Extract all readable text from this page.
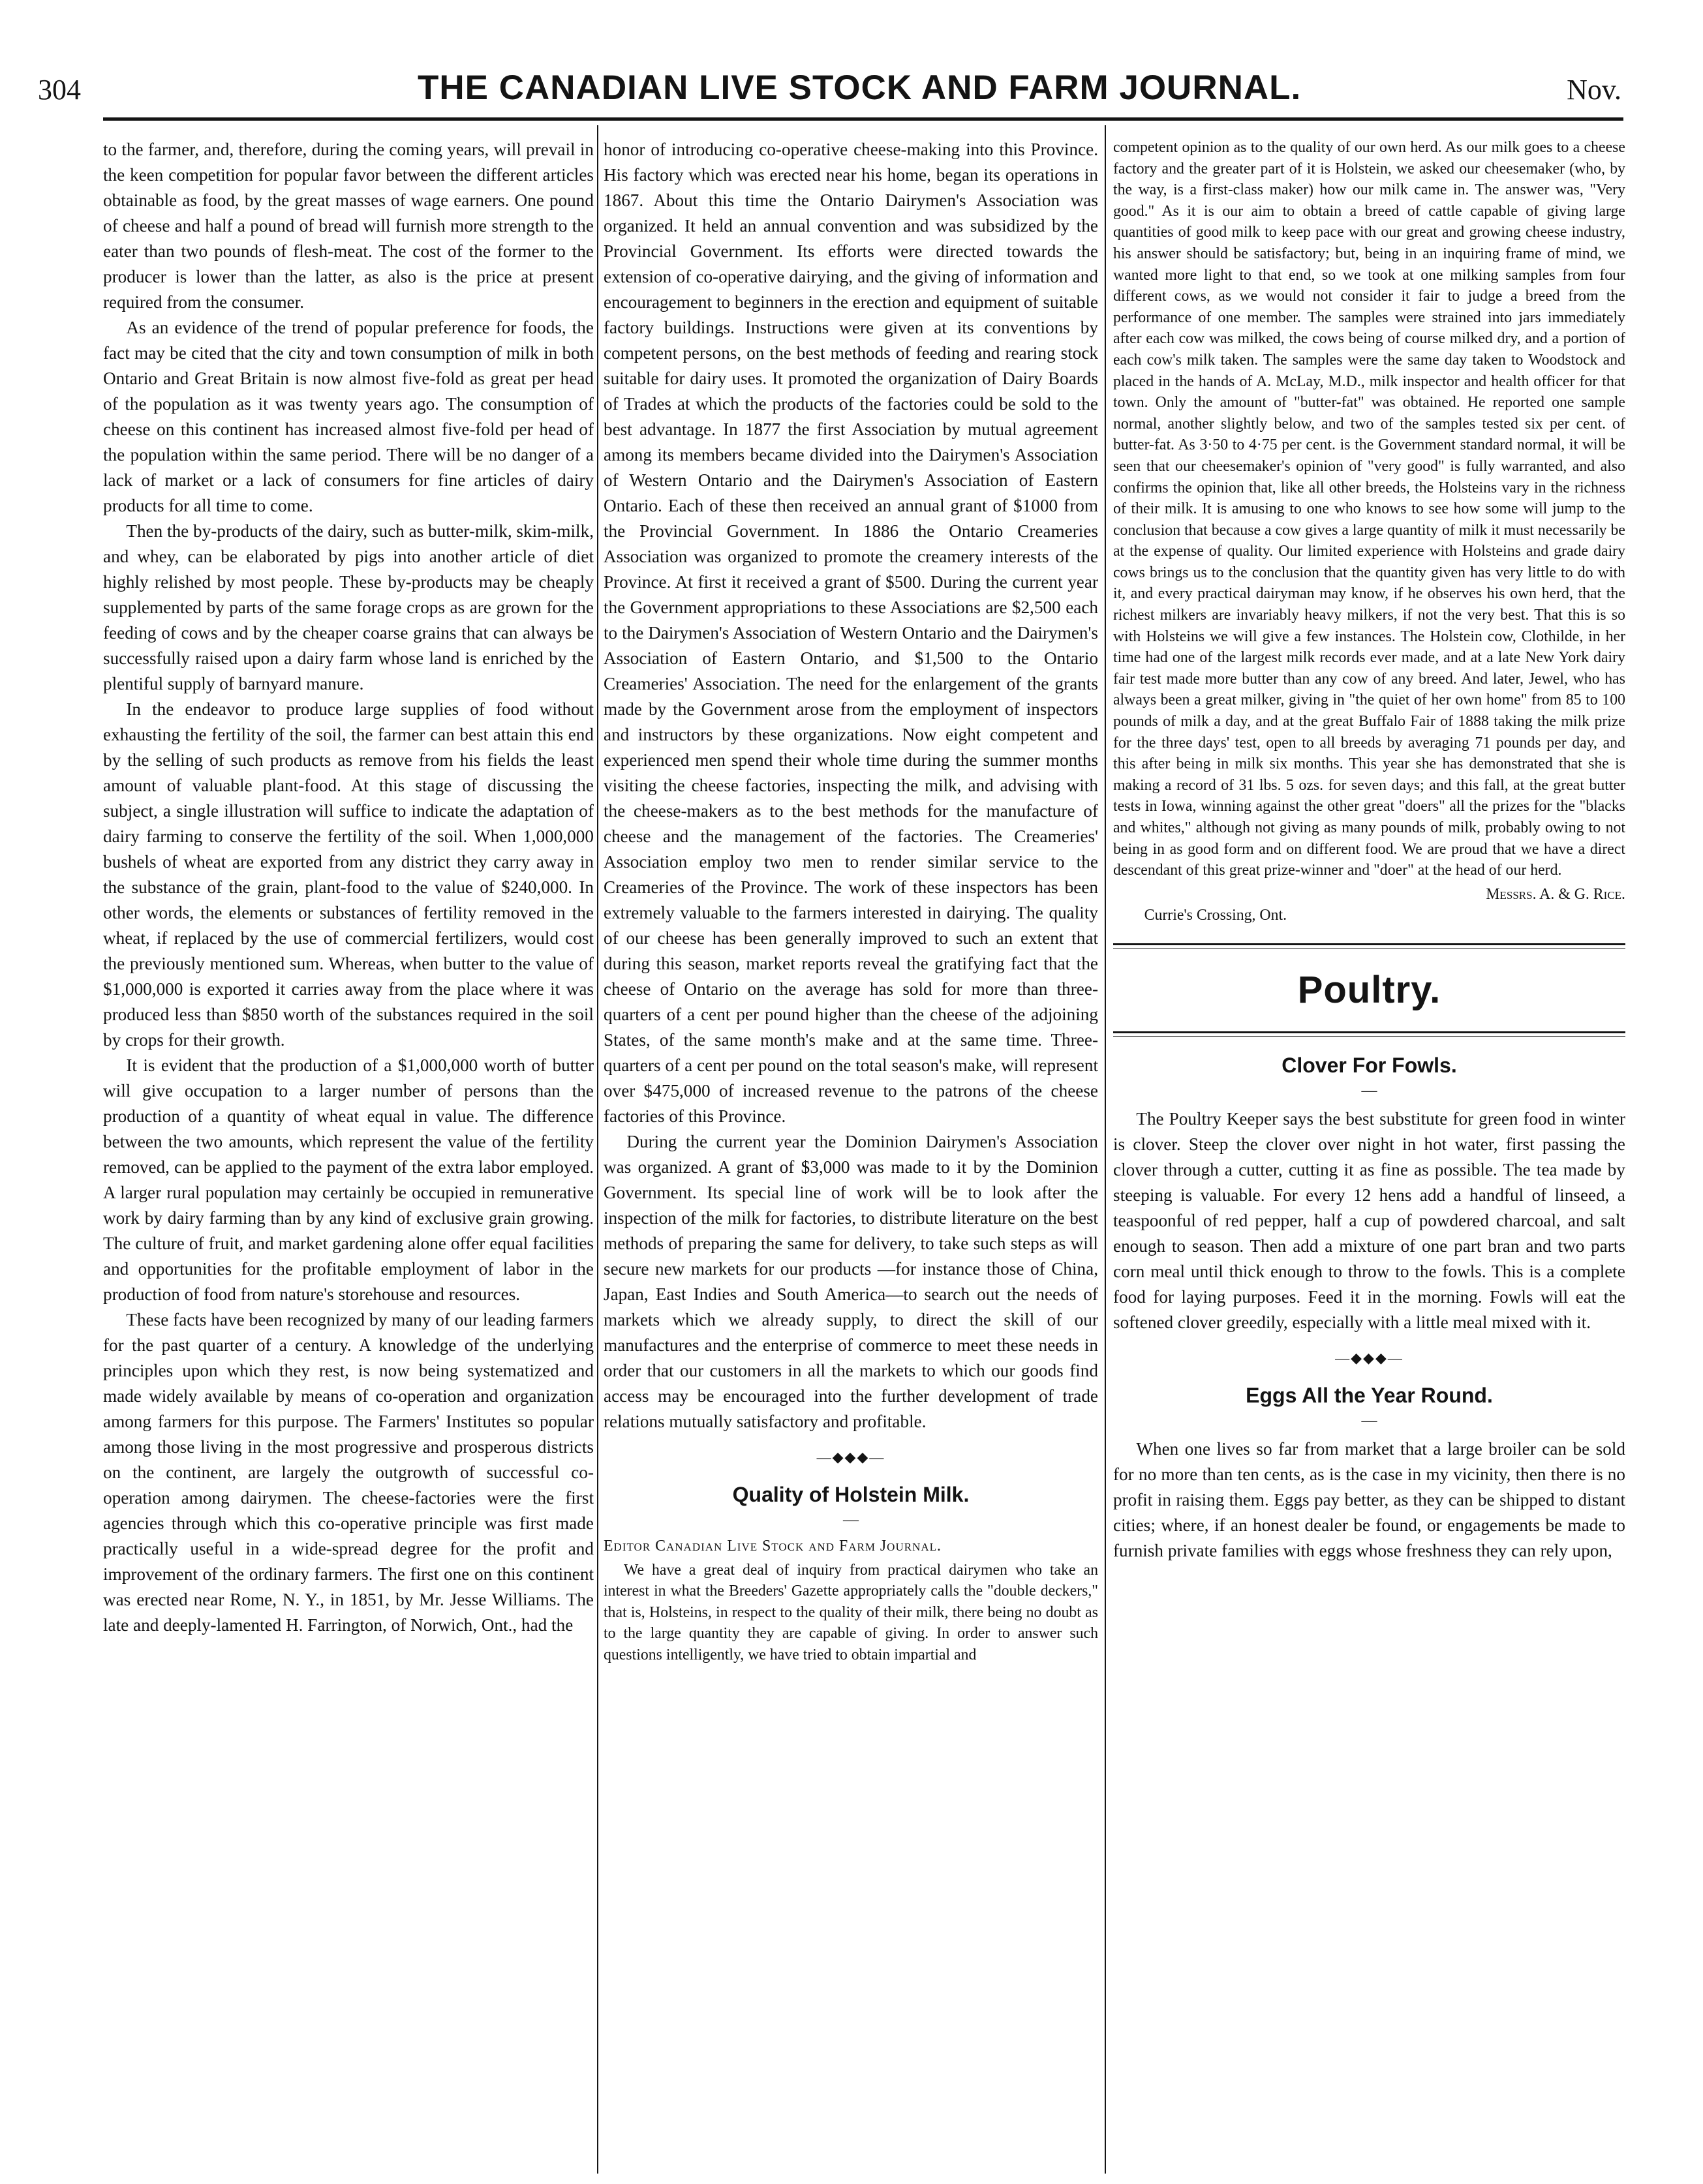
304	THE CANADIAN LIVE STOCK AND FARM JOURNAL.	Nov.

to the farmer, and, therefore, during the coming years, will prevail in the keen competition for popular favor between the different articles obtainable as food, by the great masses of wage earners. One pound of cheese and half a pound of bread will furnish more strength to the eater than two pounds of flesh-meat. The cost of the former to the producer is lower than the latter, as also is the price at present required from the consumer.

As an evidence of the trend of popular preference for foods, the fact may be cited that the city and town consumption of milk in both Ontario and Great Britain is now almost five-fold as great per head of the population as it was twenty years ago. The consumption of cheese on this continent has increased almost five-fold per head of the population within the same period. There will be no danger of a lack of market or a lack of consumers for fine articles of dairy products for all time to come.

Then the by-products of the dairy, such as butter-milk, skim-milk, and whey, can be elaborated by pigs into another article of diet highly relished by most people. These by-products may be cheaply supplemented by parts of the same forage crops as are grown for the feeding of cows and by the cheaper coarse grains that can always be successfully raised upon a dairy farm whose land is enriched by the plentiful supply of barnyard manure.

In the endeavor to produce large supplies of food without exhausting the fertility of the soil, the farmer can best attain this end by the selling of such products as remove from his fields the least amount of valuable plant-food. At this stage of discussing the subject, a single illustration will suffice to indicate the adaptation of dairy farming to conserve the fertility of the soil. When 1,000,000 bushels of wheat are exported from any district they carry away in the substance of the grain, plant-food to the value of $240,000. In other words, the elements or substances of fertility removed in the wheat, if replaced by the use of commercial fertilizers, would cost the previously mentioned sum. Whereas, when butter to the value of $1,000,000 is exported it carries away from the place where it was produced less than $850 worth of the substances required in the soil by crops for their growth.

It is evident that the production of a $1,000,000 worth of butter will give occupation to a larger number of persons than the production of a quantity of wheat equal in value. The difference between the two amounts, which represent the value of the fertility removed, can be applied to the payment of the extra labor employed. A larger rural population may certainly be occupied in remunerative work by dairy farming than by any kind of exclusive grain growing. The culture of fruit, and market gardening alone offer equal facilities and opportunities for the profitable employment of labor in the production of food from nature's storehouse and resources.

These facts have been recognized by many of our leading farmers for the past quarter of a century. A knowledge of the underlying principles upon which they rest, is now being systematized and made widely available by means of co-operation and organization among farmers for this purpose. The Farmers' Institutes so popular among those living in the most progressive and prosperous districts on the continent, are largely the outgrowth of successful co-operation among dairymen. The cheese-factories were the first agencies through which this co-operative principle was first made practically useful in a wide-spread degree for the profit and improvement of the ordinary farmers. The first one on this continent was erected near Rome, N. Y., in 1851, by Mr. Jesse Williams. The late and deeply-lamented H. Farrington, of Norwich, Ont., had the

honor of introducing co-operative cheese-making into this Province. His factory which was erected near his home, began its operations in 1867. About this time the Ontario Dairymen's Association was organized. It held an annual convention and was subsidized by the Provincial Government. Its efforts were directed towards the extension of co-operative dairying, and the giving of information and encouragement to beginners in the erection and equipment of suitable factory buildings. Instructions were given at its conventions by competent persons, on the best methods of feeding and rearing stock suitable for dairy uses. It promoted the organization of Dairy Boards of Trades at which the products of the factories could be sold to the best advantage. In 1877 the first Association by mutual agreement among its members became divided into the Dairymen's Association of Western Ontario and the Dairymen's Association of Eastern Ontario. Each of these then received an annual grant of $1000 from the Provincial Government. In 1886 the Ontario Creameries Association was organized to promote the creamery interests of the Province. At first it received a grant of $500. During the current year the Government appropriations to these Associations are $2,500 each to the Dairymen's Association of Western Ontario and the Dairymen's Association of Eastern Ontario, and $1,500 to the Ontario Creameries' Association. The need for the enlargement of the grants made by the Government arose from the employment of inspectors and instructors by these organizations. Now eight competent and experienced men spend their whole time during the summer months visiting the cheese factories, inspecting the milk, and advising with the cheese-makers as to the best methods for the manufacture of cheese and the management of the factories. The Creameries' Association employ two men to render similar service to the Creameries of the Province. The work of these inspectors has been extremely valuable to the farmers interested in dairying. The quality of our cheese has been generally improved to such an extent that during this season, market reports reveal the gratifying fact that the cheese of Ontario on the average has sold for more than three-quarters of a cent per pound higher than the cheese of the adjoining States, of the same month's make and at the same time. Three-quarters of a cent per pound on the total season's make, will represent over $475,000 of increased revenue to the patrons of the cheese factories of this Province.

During the current year the Dominion Dairymen's Association was organized. A grant of $3,000 was made to it by the Dominion Government. Its special line of work will be to look after the inspection of the milk for factories, to distribute literature on the best methods of preparing the same for delivery, to take such steps as will secure new markets for our products —for instance those of China, Japan, East Indies and South America—to search out the needs of markets which we already supply, to direct the skill of our manufactures and the enterprise of commerce to meet these needs in order that our customers in all the markets to which our goods find access may be encouraged into the further development of trade relations mutually satisfactory and profitable.

—◆◆◆—
Quality of Holstein Milk.
—

Editor Canadian Live Stock and Farm Journal.

We have a great deal of inquiry from practical dairymen who take an interest in what the Breeders' Gazette appropriately calls the "double deckers," that is, Holsteins, in respect to the quality of their milk, there being no doubt as to the large quantity they are capable of giving. In order to answer such questions intelligently, we have tried to obtain impartial and

competent opinion as to the quality of our own herd. As our milk goes to a cheese factory and the greater part of it is Holstein, we asked our cheesemaker (who, by the way, is a first-class maker) how our milk came in. The answer was, "Very good." As it is our aim to obtain a breed of cattle capable of giving large quantities of good milk to keep pace with our great and growing cheese industry, his answer should be satisfactory; but, being in an inquiring frame of mind, we wanted more light to that end, so we took at one milking samples from four different cows, as we would not consider it fair to judge a breed from the performance of one member. The samples were strained into jars immediately after each cow was milked, the cows being of course milked dry, and a portion of each cow's milk taken. The samples were the same day taken to Woodstock and placed in the hands of A. McLay, M.D., milk inspector and health officer for that town. Only the amount of "butter-fat" was obtained. He reported one sample normal, another slightly below, and two of the samples tested six per cent. of butter-fat. As 3·50 to 4·75 per cent. is the Government standard normal, it will be seen that our cheesemaker's opinion of "very good" is fully warranted, and also confirms the opinion that, like all other breeds, the Holsteins vary in the richness of their milk. It is amusing to one who knows to see how some will jump to the conclusion that because a cow gives a large quantity of milk it must necessarily be at the expense of quality. Our limited experience with Holsteins and grade dairy cows brings us to the conclusion that the quantity given has very little to do with it, and every practical dairyman may know, if he observes his own herd, that the richest milkers are invariably heavy milkers, if not the very best. That this is so with Holsteins we will give a few instances. The Holstein cow, Clothilde, in her time had one of the largest milk records ever made, and at a late New York dairy fair test made more butter than any cow of any breed. And later, Jewel, who has always been a great milker, giving in "the quiet of her own home" from 85 to 100 pounds of milk a day, and at the great Buffalo Fair of 1888 taking the milk prize for the three days' test, open to all breeds by averaging 71 pounds per day, and this after being in milk six months. This year she has demonstrated that she is making a record of 31 lbs. 5 ozs. for seven days; and this fall, at the great butter tests in Iowa, winning against the other great "doers" all the prizes for the "blacks and whites," although not giving as many pounds of milk, probably owing to not being in as good form and on different food. We are proud that we have a direct descendant of this great prize-winner and "doer" at the head of our herd.

Messrs. A. & G. Rice.

Currie's Crossing, Ont.

Poultry.
Clover For Fowls.
—

The Poultry Keeper says the best substitute for green food in winter is clover. Steep the clover over night in hot water, first passing the clover through a cutter, cutting it as fine as possible. The tea made by steeping is valuable. For every 12 hens add a handful of linseed, a teaspoonful of red pepper, half a cup of powdered charcoal, and salt enough to season. Then add a mixture of one part bran and two parts corn meal until thick enough to throw to the fowls. This is a complete food for laying purposes. Feed it in the morning. Fowls will eat the softened clover greedily, especially with a little meal mixed with it.

—◆◆◆—
Eggs All the Year Round.
—

When one lives so far from market that a large broiler can be sold for no more than ten cents, as is the case in my vicinity, then there is no profit in raising them. Eggs pay better, as they can be shipped to distant cities; where, if an honest dealer be found, or engagements be made to furnish private families with eggs whose freshness they can rely upon,
